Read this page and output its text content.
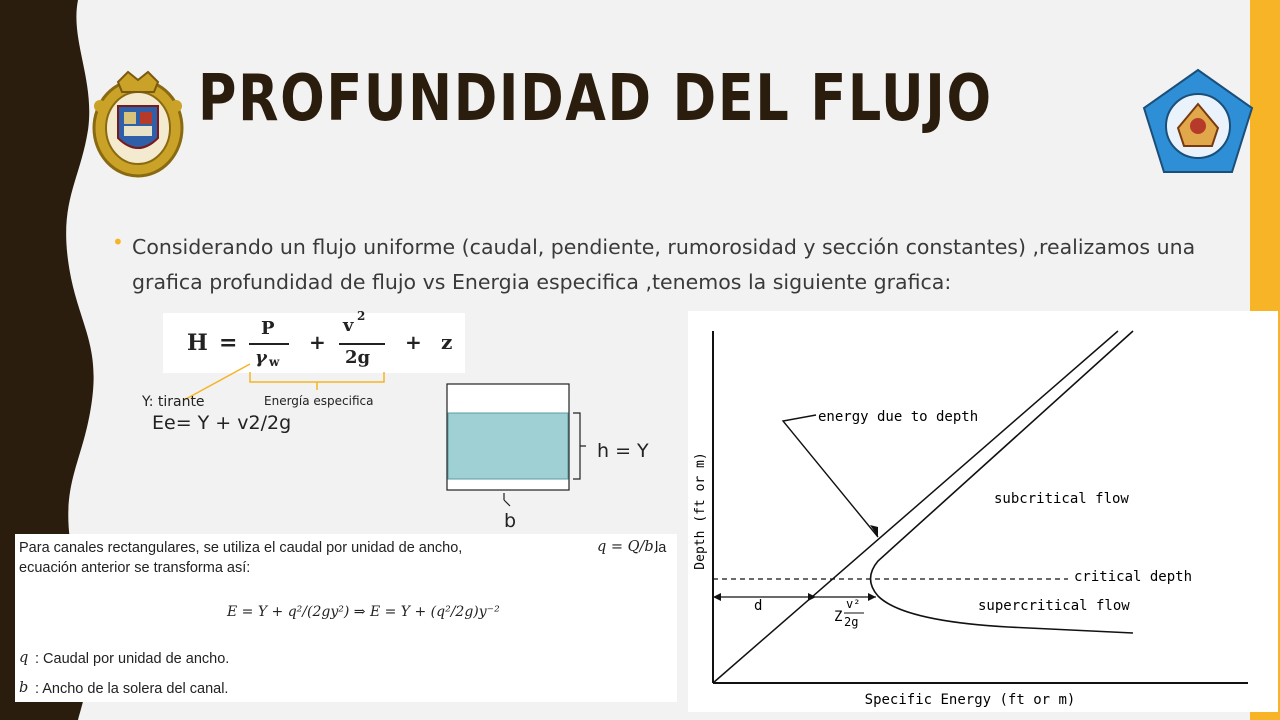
PROFUNDIDAD DEL FLUJO
• Considerando un flujo uniforme (caudal, pendiente, rumorosidad y sección constantes) ,realizamos una grafica profundidad de flujo vs Energia especifica ,tenemos la siguiente grafica:
H =
P
γ w
+
v 2
2g
+ z
Y: tirante	Energía especifica
Ee= Y + v2/2g
h = Y
b
Para canales rectangulares, se utiliza el caudal por unidad de ancho,	q = Q/b,
la
ecuación anterior se transforma así:
E = Y + q²/(2gy²) ⇒ E = Y + (q²/2g)y⁻²
q : Caudal por unidad de ancho.
b : Ancho de la solera del canal.
Depth (ft or m)
Specific Energy (ft or m)
energy due to depth
subcritical flow
critical depth
supercritical flow
d
Z
v²
2g
